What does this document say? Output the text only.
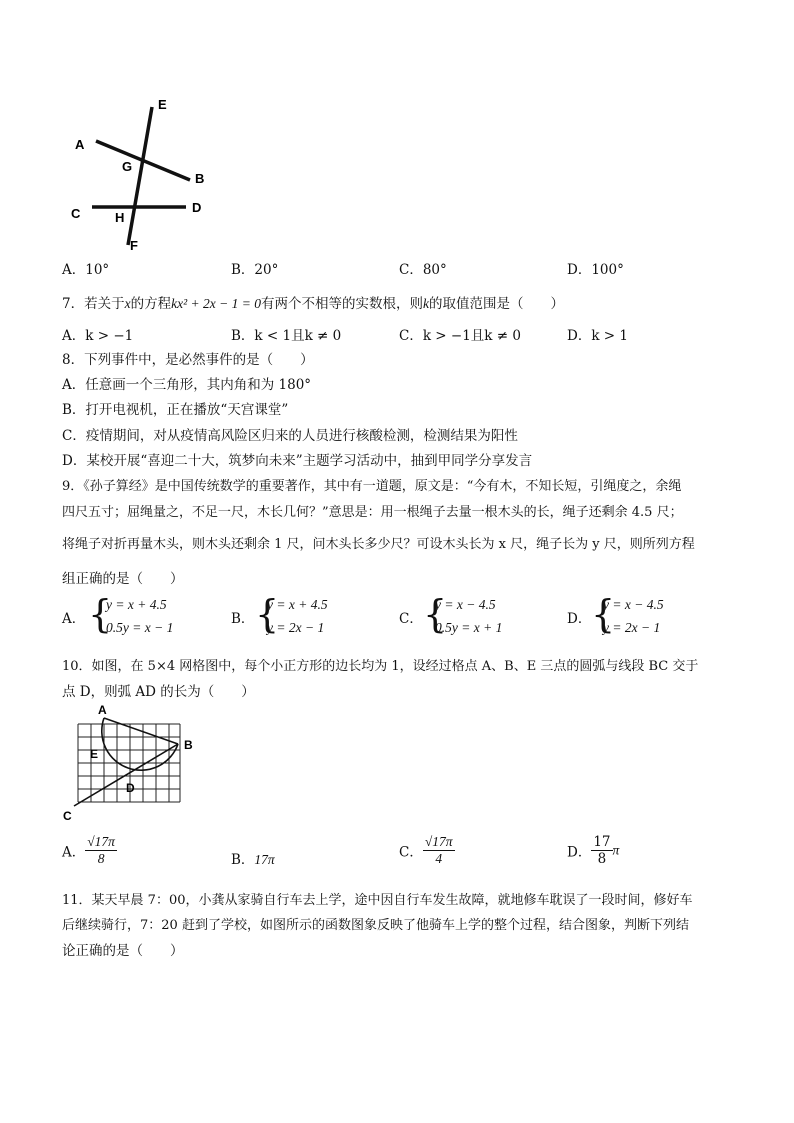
E
A
G
B
C	H
D
F
A．10°	B．20°	C．80°	D．100°
7．若关于x的方程kx² + 2x − 1 = 0有两个不相等的实数根，则k的取值范围是（　　）
A．k > −1	B．k < 1且k ≠ 0	C．k > −1且k ≠ 0	D．k > 1
8．下列事件中，是必然事件的是（　　）
A．任意画一个三角形，其内角和为 180°
B．打开电视机，正在播放“天宫课堂”
C．疫情期间，对从疫情高风险区归来的人员进行核酸检测，检测结果为阳性
D．某校开展“喜迎二十大，筑梦向未来”主题学习活动中，抽到甲同学分享发言
9．《孙子算经》是中国传统数学的重要著作，其中有一道题，原文是：“今有木，不知长短，引绳度之，余绳
四尺五寸；屈绳量之，不足一尺，木长几何？”意思是：用一根绳子去量一根木头的长，绳子还剩余 4.5 尺；
将绳子对折再量木头，则木头还剩余 1 尺，问木头长多少尺？可设木头长为 x 尺，绳子长为 y 尺，则所列方程
组正确的是（　　）
A． {
y = x + 4.5
0.5y = x − 1
B． {
y = x + 4.5
y = 2x − 1
C． {
y = x − 4.5
0.5y = x + 1
D． {
y = x − 4.5
y = 2x − 1
10．如图，在 5×4 网格图中，每个小正方形的边长均为 1，设经过格点 A、B、E 三点的圆弧与线段 BC 交于
点 D，则弧 AD 的长为（　　）
A
E
B
D
C
A． $\frac{√17\pi}{8}$	B．17π	C． $\frac{√17\pi}{4}$	D． $\frac{17}{8}$ π
11．某天早晨 7：00，小龚从家骑自行车去上学，途中因自行车发生故障，就地修车耽误了一段时间，修好车
后继续骑行，7：20 赶到了学校，如图所示的函数图象反映了他骑车上学的整个过程，结合图象，判断下列结
论正确的是（　　）
